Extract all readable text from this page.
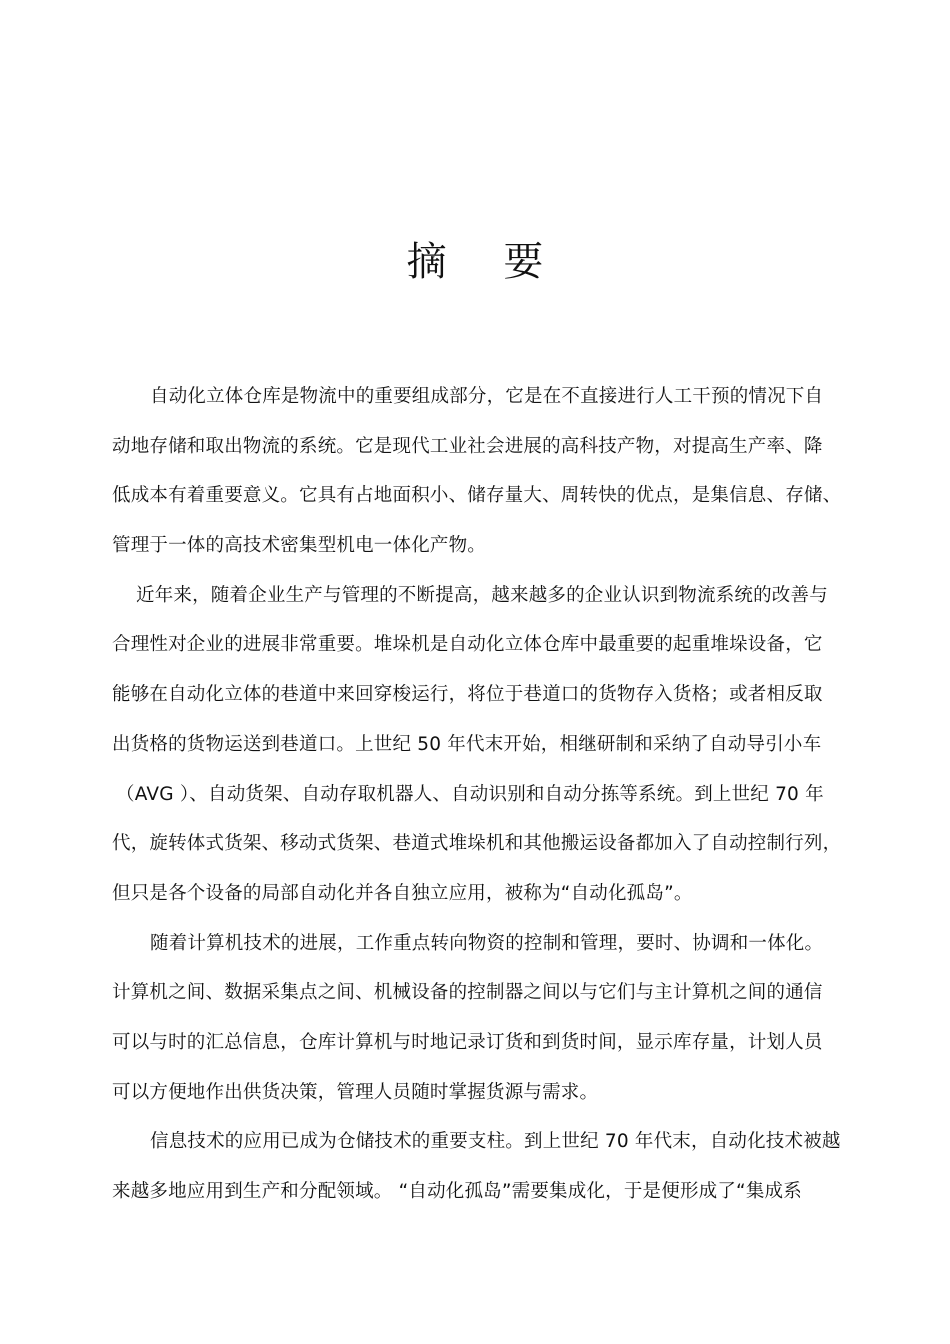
摘 要
自动化立体仓库是物流中的重要组成部分，它是在不直接进行人工干预的情况下自
动地存储和取出物流的系统。它是现代工业社会进展的高科技产物，对提高生产率、降
低成本有着重要意义。它具有占地面积小、储存量大、周转快的优点，是集信息、存储、
管理于一体的高技术密集型机电一体化产物。
近年来，随着企业生产与管理的不断提高，越来越多的企业认识到物流系统的改善与
合理性对企业的进展非常重要。堆垛机是自动化立体仓库中最重要的起重堆垛设备，它
能够在自动化立体的巷道中来回穿梭运行，将位于巷道口的货物存入货格；或者相反取
出货格的货物运送到巷道口。上世纪 50 年代末开始，相继研制和采纳了自动导引小车
（AVG ）、自动货架、自动存取机器人、自动识别和自动分拣等系统。到上世纪 70 年
代，旋转体式货架、移动式货架、巷道式堆垛机和其他搬运设备都加入了自动控制行列，
但只是各个设备的局部自动化并各自独立应用，被称为“自动化孤岛”。
随着计算机技术的进展，工作重点转向物资的控制和管理，要时、协调和一体化。
计算机之间、数据采集点之间、机械设备的控制器之间以与它们与主计算机之间的通信
可以与时的汇总信息，仓库计算机与时地记录订货和到货时间，显示库存量，计划人员
可以方便地作出供货决策，管理人员随时掌握货源与需求。
信息技术的应用已成为仓储技术的重要支柱。到上世纪 70 年代末，自动化技术被越
来越多地应用到生产和分配领域。 “自动化孤岛”需要集成化，于是便形成了“集成系
